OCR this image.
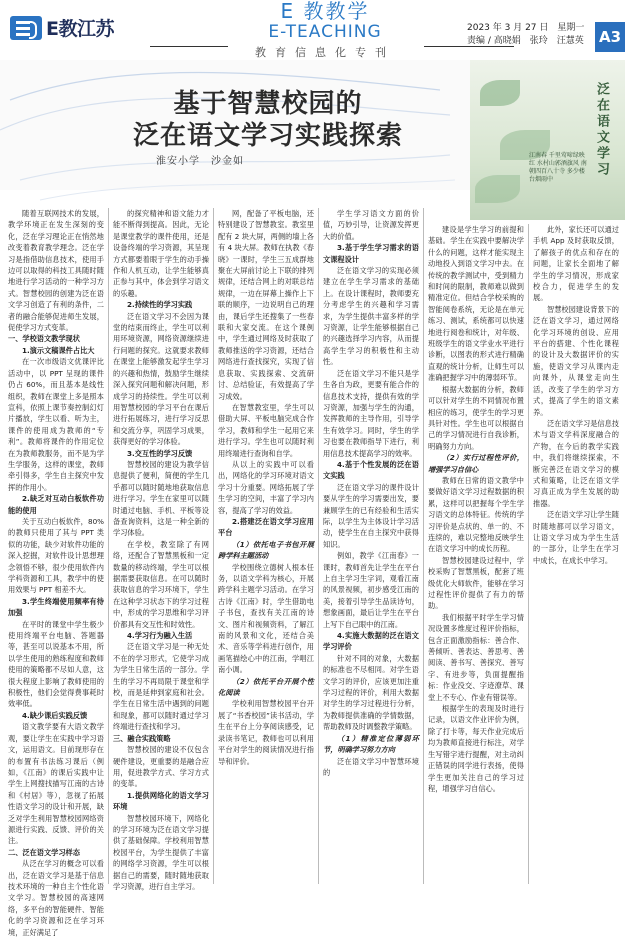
E教江苏
E 教教学
E-TEACHING
教育信息化专刊
2023 年 3 月 27 日　星期一
责编 / 高晓娟　张玲　汪慧英	A3
基于智慧校园的
泛在语文学习实践探索
淮安小学　沙金如	泛在语文学习
江南春 千里莺啼绿映红 水村山郭酒旗风 南朝四百八十寺 多少楼台烟雨中

随着互联网技术的发展，教学环境正在发生深刻的变化，泛在学习理论正在悄然地改变着教育教学理念。泛在学习是指借助信息技术，使用手边可以取得的科技工具随时随地进行学习活动的一种学习方式。智慧校园的创建为泛在语文学习创造了有利的条件，二者的融合能够促进师生发展，促使学习方式变革。

一、学校语文教学现状

1.演示文稿课件占比大

在一次市级语文优课评比活动中，以 PPT 呈现的课件仍占 60%，而且基本是线性组织，教师在课堂上多是照本宣科，依照上课节奏控制幻灯片播放，学生以看、听为主，课件的使用成为教师的“专利”。教师将课件的作用定位在为教师教服务，而不是为学生学服务，这样的课堂，教师牵引得多，学生自主探究中发挥的作用小。

2.缺乏对互动白板软件功能的使用

关于互动白板软件，80%的教师只使用了其与 PPT 类似的功能，缺少对软件功能的深入挖掘，对软件设计思想理念领悟不够，很少使用软件内学科资源和工具，教学中的使用效果与 PPT 相差不大。

3.学生终端使用频率有待加强

在平时的课堂中学生极少使用终端平台电脑、答题器等，甚至可以说基本不用，所以学生使用的熟练程度和教师使用的策略都不尽如人意，这很大程度上影响了教师使用的积极性，他们会觉得费事耗时效率低。

4.缺少课后实践反馈

语文教学要有大语文教学观，要让学生在实践中学习语文，运用语文。目前现形存在的布置有书法练习课后（例如，《江南》的课后实践中让学生上网搜找描写江南的古诗和《村居》等），忽视了拓展性语文学习的设计和开展，缺乏对学生利用智慧校园网络资源进行实践、反馈、评价的关注。

二、泛在语文学习样态

从泛在学习的概念可以看出，泛在语文学习是基于信息技术环境的一种自主个性化语文学习。智慧校园的高速网络，多平台的智能硬件、智能化的学习资源和泛在学习环境，正好满足了

的探究精神和语文能力才能不断得到提高。因此，无论是课堂教学的课件使用，还是设备终端的学习资源，其呈现方式都要着眼于学生的动手操作和人机互动，让学生能够真正参与其中，体会到学习语文的乐趣。

2.持续性的学习实践

泛在语文学习不会因为课堂的结束而终止，学生可以利用环境资源，网络资源继续进行问题的探究。这就要求教师在课堂上能够激发起学生学习的兴趣和热情，鼓励学生继续深入探究问题和解决问题，形成学习的持续性。学生可以利用智慧校园的学习平台在课后进行拓展练习，进行学习反思和交流分享，巩固学习成果，获得更好的学习体验。

3.交互性的学习反馈

智慧校园的建设为教学信息提供了便利，简便的学生几乎都可以随时随地地获取信息进行学习。学生在家里可以随时通过电脑、手机、平板等设备查询资料，这是一种全新的学习体验。

在学校，教室除了有网络，还配合了智慧黑板和一定数量的移动终端，学生可以根据需要获取信息。在可以随时获取信息的学习环境下，学生在这种学习状态下的学习过程中，形成的学习思维和学习评价都具有交互性和时效性。

4.学习行为融入生活

泛在语文学习是一种无处不在的学习形式，它使学习成为学生日常生活的一部分。学生的学习不再局限于课堂和学校，而是延伸到家庭和社会。学生在日常生活中遇到的问题和现象，都可以随时通过学习终端进行查找和学习。

三、融合实践策略

智慧校园的建设不仅包含硬件建设，更重要的是融合应用，促进教学方式、学习方式的变革。

1.提供网络化的语文学习环境

智慧校园环境下，网络化的学习环境为泛在语文学习提供了基础保障。学校利用智慧校园平台，为学生提供了丰富的网络学习资源，学生可以根据自己的需要，随时随地获取学习资源，进行自主学习。

网，配备了平板电脑，还特别建设了智慧教室。教室里配有 2 块大屏，两侧的墙上各有 4 块大屏。教师在执教《春晓》一课时，学生三五成群地聚在大屏前讨论上下联的排列规律，还结合网上的对联总结规律，一边在屏幕上操作上下联的顺序，一边说明自己的理由，课后学生还搜集了一些春联和大家交流。在这个课例中，学生通过网络及时获取了教师推送的学习资源，还结合网络进行查找探究，实现了信息获取、实践探索、交流研讨、总结验证，有效提高了学习成效。

在智慧教室里，学生可以借助大屏、平板电脑完成合作学习，教师和学生一起用它来进行学习。学生也可以随时利用终端进行查询和自学。

从以上的实践中可以看出，网络化的学习环境对语文学习十分重要。网络拓展了学生学习的空间，丰富了学习内容，提高了学习的效益。

2.搭建泛在语文学习应用平台

（1）依托电子书包开展跨学科主题活动

学校围绕立德树人根本任务，以语文学科为核心，开展跨学科主题学习活动。在学习古诗《江南》时，学生借助电子书包，查找有关江南的诗文、图片和视频资料，了解江南的风景和文化，还结合美术、音乐等学科进行创作，用画笔描绘心中的江南，学唱江南小调。

（2）依托平台开展个性化阅读

学校利用智慧校园平台开展了“书香校园”读书活动，学生在平台上分享阅读感受，记录读书笔记，教师也可以利用平台对学生的阅读情况进行指导和评价。

学生学习语文方面的价值，巧妙引导，让资源发挥更大的价值。

3.基于学生学习需求的语文课程设计

泛在语文学习的实现必须建立在学生学习需求的基础上。在设计课程时，教师要充分考虑学生的兴趣和学习需求，为学生提供丰富多样的学习资源，让学生能够根据自己的兴趣选择学习内容，从而提高学生学习的积极性和主动性。

泛在语文学习不能只是学生各自为政，更要有能合作的信息技术支持，提供有效的学习资源，加强与学生的沟通，发挥教师的主导作用，引导学生有效学习。同时，学生的学习也要在教师指导下进行，利用信息技术提高学习的效率。

4.基于个性发展的泛在语文实践

泛在语文学习的课件设计要从学生的学习需要出发，要兼顾学生的已有经验和生活实际，以学生为主体设计学习活动，使学生在自主探究中获得知识。

例如，教学《江南春》一课时，教师首先让学生在平台上自主学习生字词，观看江南的风景视频，初步感受江南的美，接着引导学生品读诗句，想象画面，最后让学生在平台上写下自己眼中的江南。

4.实施大数据的泛在语文学习评价

针对不同的对象，大数据的标准也不尽相同。对学生语文学习的评价，应该更加注重学习过程的评价，利用大数据对学生的学习过程进行分析，为教师提供准确的学情数据，帮助教师及时调整教学策略。

（1）精准定位薄弱环节，明确学习努力方向

泛在语文学习中智慧环境的

建设是学生学习的前提和基础。学生在实践中要解决学什么的问题，这样才能实现主动地投入到语文学习中去。在传统的教学测试中，受到精力和时间的限制，教师难以做到精准定位。但结合学校采购的智能阅卷系统，无论是在单元练习、测试，系统都可以快速地进行阅卷和统计，对年级、班级学生的语文学业水平进行诊断，以图表的形式进行精确直观的统计分析，让师生可以准确把握学习中的薄弱环节。

根据大数据的分析，教师可以针对学生的不同情况布置相应的练习，使学生的学习更具针对性。学生也可以根据自己的学习情况进行自我诊断，明确努力方向。

（2）实行过程性评价，增强学习自信心

教师在日常的语文教学中要做好语文学习过程数据的积累，这样可以把握每个学生学习语文的总体特征。传统的学习评价是点状的、单一的、不连续的，难以完整地反映学生在语文学习中的成长历程。

智慧校园建设过程中，学校采购了智慧黑板，配套了班级优化大师软件，能够在学习过程性评价提供了有力的帮助。

我们根据平时学生学习情况设置多维度过程评价指标，包含正面激励指标：善合作、善倾听、善表达、善思考、善阅读、善书写、善探究、善写字、有进步等，负面提醒指标：作业没交、字迹潦草、课堂上不专心、作业有错误等。

根据学生的表现及时进行记录，以语文作业评价为例，除了打卡等，每天作业完成后均为教师直接进行标注，对学生写错字进行提醒，对主动纠正错误的同学进行表扬，使得学生更加关注自己的学习过程，增强学习自信心。

此外，家长还可以通过手机 App 及时获取反馈，了解孩子的优点和存在的问题，让家长全面地了解学生的学习情况，形成家校合力，促进学生的发展。

智慧校园建设背景下的泛在语文学习，通过网络化学习环境的创设、应用平台的搭建、个性化课程的设计及大数据评价的实施，使语文学习从课内走向课外，从课堂走向生活，改变了学生的学习方式，提高了学生的语文素养。

泛在语文学习是信息技术与语文学科深度融合的产物，在今后的教学实践中，我们将继续探索，不断完善泛在语文学习的模式和策略，让泛在语文学习真正成为学生发展的助推器。

泛在语文学习让学生随时随地都可以学习语文，让语文学习成为学生生活的一部分，让学生在学习中成长，在成长中学习。
